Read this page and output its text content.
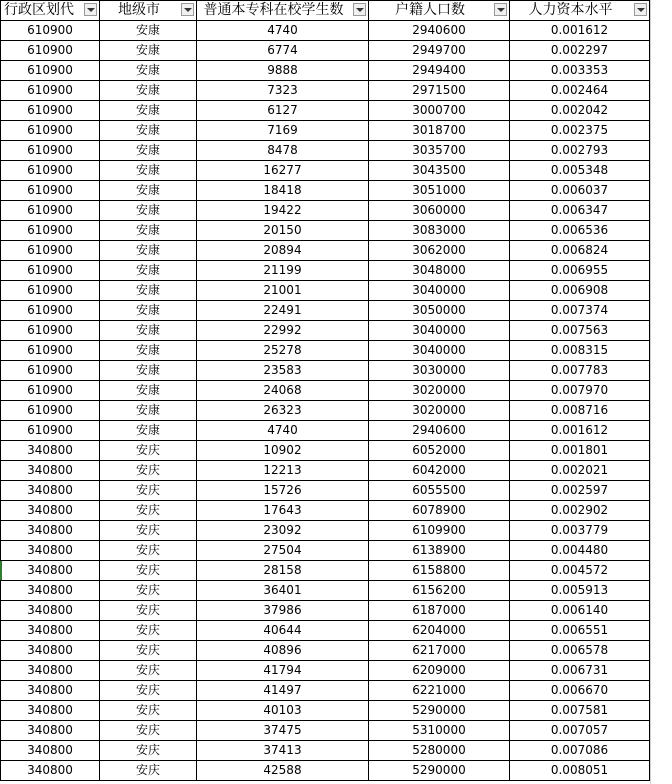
行政区划代	地级市	普通本专科在校学生数	户籍人口数	人力资本水平

610900	安康	4740	2940600	0.001612
610900	安康	6774	2949700	0.002297
610900	安康	9888	2949400	0.003353
610900	安康	7323	2971500	0.002464
610900	安康	6127	3000700	0.002042
610900	安康	7169	3018700	0.002375
610900	安康	8478	3035700	0.002793
610900	安康	16277	3043500	0.005348
610900	安康	18418	3051000	0.006037
610900	安康	19422	3060000	0.006347
610900	安康	20150	3083000	0.006536
610900	安康	20894	3062000	0.006824
610900	安康	21199	3048000	0.006955
610900	安康	21001	3040000	0.006908
610900	安康	22491	3050000	0.007374
610900	安康	22992	3040000	0.007563
610900	安康	25278	3040000	0.008315
610900	安康	23583	3030000	0.007783
610900	安康	24068	3020000	0.007970
610900	安康	26323	3020000	0.008716
610900	安康	4740	2940600	0.001612
340800	安庆	10902	6052000	0.001801
340800	安庆	12213	6042000	0.002021
340800	安庆	15726	6055500	0.002597
340800	安庆	17643	6078900	0.002902
340800	安庆	23092	6109900	0.003779
340800	安庆	27504	6138900	0.004480
340800	安庆	28158	6158800	0.004572
340800	安庆	36401	6156200	0.005913
340800	安庆	37986	6187000	0.006140
340800	安庆	40644	6204000	0.006551
340800	安庆	40896	6217000	0.006578
340800	安庆	41794	6209000	0.006731
340800	安庆	41497	6221000	0.006670
340800	安庆	40103	5290000	0.007581
340800	安庆	37475	5310000	0.007057
340800	安庆	37413	5280000	0.007086
340800	安庆	42588	5290000	0.008051
